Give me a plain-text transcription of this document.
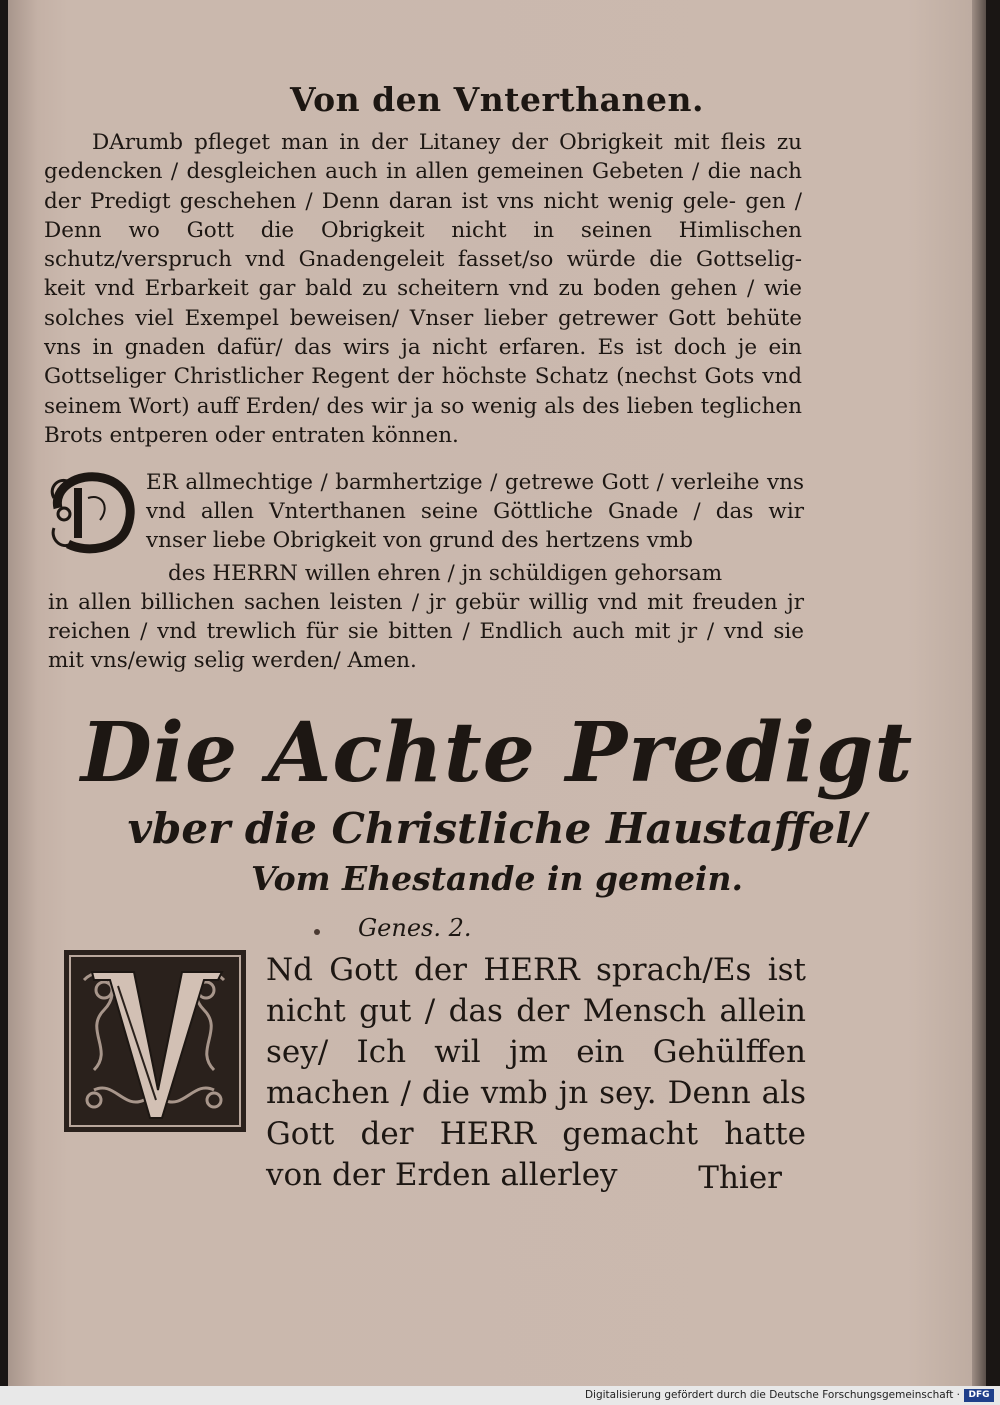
Von den Vnterthanen.

DArumb pfleget man in der Litaney der Obrigkeit mit fleis zu gedencken / desgleichen auch in allen gemeinen Gebeten / die nach der Predigt geschehen / Denn daran ist vns nicht wenig gele- gen / Denn wo Gott die Obrigkeit nicht in seinen Himlischen schutz/verspruch vnd Gnadengeleit fasset/so würde die Gottselig- keit vnd Erbarkeit gar bald zu scheitern vnd zu boden gehen / wie solches viel Exempel beweisen/ Vnser lieber getrewer Gott behüte vns in gnaden dafür/ das wirs ja nicht erfaren. Es ist doch je ein Gottseliger Christlicher Regent der höchste Schatz (nechst Gots vnd seinem Wort) auff Erden/ des wir ja so wenig als des lieben teglichen Brots entperen oder entraten können.

ER allmechtige / barmhertzige / getrewe Gott / verleihe vns vnd allen Vnterthanen seine Göttliche Gnade / das wir vnser liebe Obrigkeit von grund des hertzens vmb

des HERRN willen ehren / jn schüldigen gehorsam

in allen billichen sachen leisten / jr gebür willig vnd mit freuden jr reichen / vnd trewlich für sie bitten / Endlich auch mit jr / vnd sie mit vns/ewig selig werden/ Amen.

Die Achte Predigt
vber die Christliche Haustaffel/
Vom Ehestande in gemein.
Genes. 2.

Nd Gott der HERR sprach/Es ist nicht gut / das der Mensch allein sey/ Ich wil jm ein Gehülffen machen / die vmb jn sey. Denn als Gott der HERR gemacht hatte von der Erden allerley	Thier
Digitalisierung gefördert durch die Deutsche Forschungsgemeinschaft · DFG
